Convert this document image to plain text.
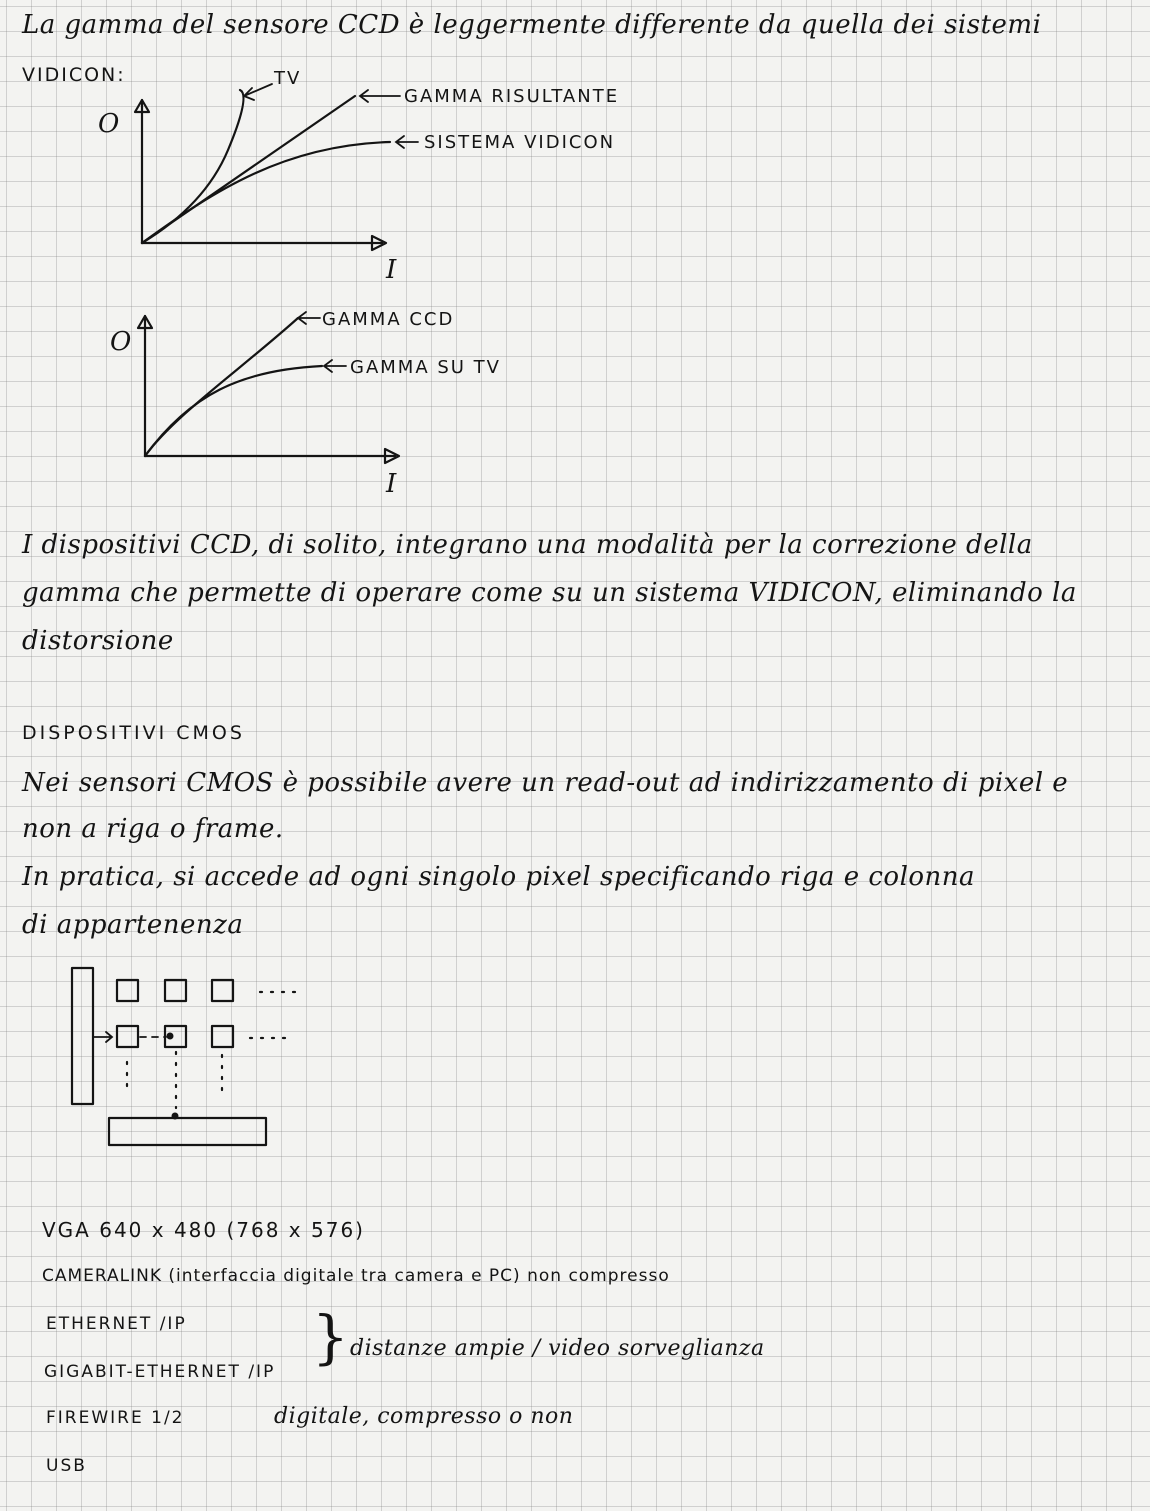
La gamma del sensore CCD è leggermente differente da quella dei sistemi
VIDICON:
O
I
TV
GAMMA RISULTANTE
SISTEMA VIDICON
O
I
GAMMA CCD
GAMMA SU TV
I dispositivi CCD, di solito, integrano una modalità per la correzione della
gamma che permette di operare come su un sistema VIDICON, eliminando la
distorsione
DISPOSITIVI CMOS
Nei sensori CMOS è possibile avere un read-out ad indirizzamento di pixel e
non a riga o frame.
In pratica, si accede ad ogni singolo pixel specificando riga e colonna
di appartenenza
VGA 640 x 480 (768 x 576)
CAMERALINK (interfaccia digitale tra camera e PC) non compresso
ETHERNET /IP
GIGABIT-ETHERNET /IP
} distanze ampie / video sorveglianza
FIREWIRE 1/2	digitale, compresso o non
USB
